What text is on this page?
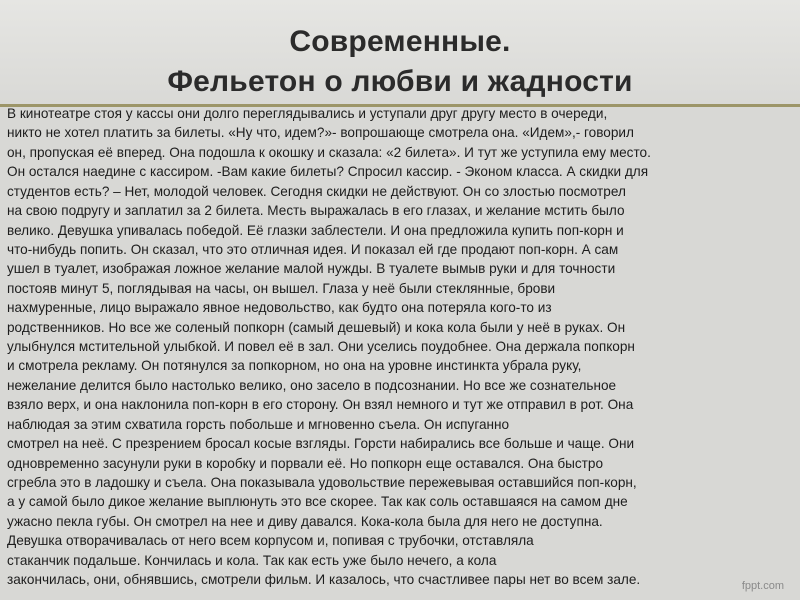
Современные.
Фельетон о любви и жадности
В кинотеатре стоя у кассы они долго переглядывались и уступали друг другу место в очереди,
никто не хотел платить за билеты. «Ну что, идем?»- вопрошающе смотрела она. «Идем»,- говорил
он, пропуская её вперед. Она подошла к окошку и сказала: «2 билета». И тут же уступила ему место.
Он остался наедине с кассиром. -Вам какие билеты? Спросил кассир. - Эконом класса. А скидки для
студентов есть? – Нет, молодой человек. Сегодня скидки не действуют. Он со злостью посмотрел
на свою подругу и заплатил за 2 билета. Месть выражалась в его глазах, и желание мстить было
велико. Девушка упивалась победой. Её глазки заблестели. И она предложила купить поп-корн и
что-нибудь попить. Он сказал, что это отличная идея. И показал ей где продают поп-корн. А сам
ушел в туалет, изображая ложное желание малой нужды. В туалете вымыв руки и для точности
постояв минут 5, поглядывая на часы, он вышел. Глаза у неё были стеклянные, брови
нахмуренные, лицо выражало явное недовольство, как будто она потеряла кого-то из
родственников. Но все же соленый попкорн (самый дешевый) и кока кола были у неё в руках. Он
улыбнулся мстительной улыбкой. И повел её в зал. Они уселись поудобнее. Она держала попкорн
и смотрела рекламу. Он потянулся за попкорном, но она на уровне инстинкта убрала руку,
нежелание делится было настолько велико, оно засело в подсознании. Но все же сознательное
взяло верх, и она наклонила поп-корн в его сторону. Он взял немного и тут же отправил в рот. Она
наблюдая за этим схватила горсть побольше и мгновенно съела. Он испуганно
смотрел на неё. С презрением бросал косые взгляды. Горсти набирались все больше и чаще. Они
одновременно засунули руки в коробку и порвали её. Но попкорн еще оставался. Она быстро
сгребла это в ладошку и съела. Она показывала удовольствие пережевывая оставшийся поп-корн,
а у самой было дикое желание выплюнуть это все скорее. Так как соль оставшаяся на самом дне
ужасно пекла губы. Он смотрел на нее и диву давался. Кока-кола была для него не доступна.
Девушка отворачивалась от него всем корпусом и, попивая с трубочки, отставляла
стаканчик подальше. Кончилась и кола. Так как есть уже было нечего, а кола
закончилась, они, обнявшись, смотрели фильм. И казалось, что счастливее пары нет во всем зале.	fppt.com
